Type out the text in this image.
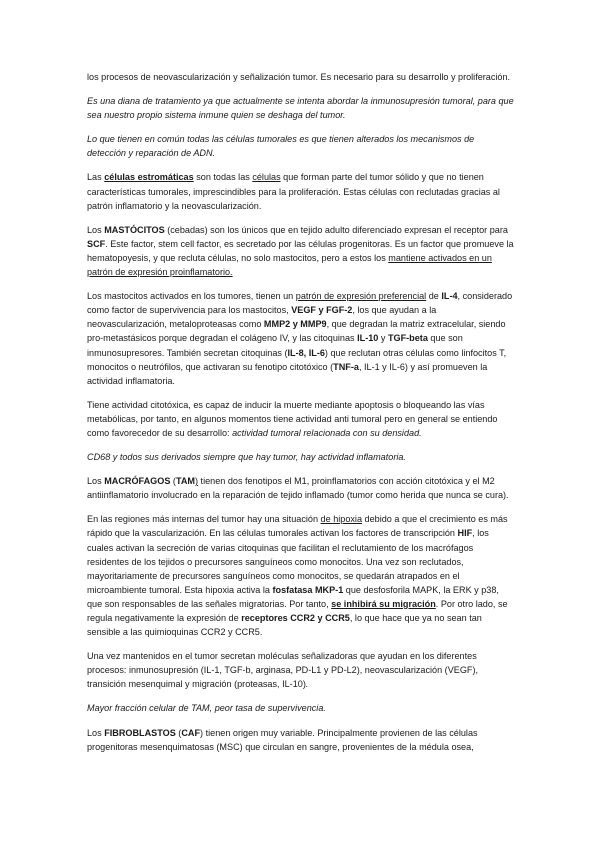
los procesos de neovascularización y señalización tumor. Es necesario para su desarrollo y proliferación.

Es una diana de tratamiento ya que actualmente se intenta abordar la inmunosupresión tumoral, para que sea nuestro propio sistema inmune quien se deshaga del tumor.

Lo que tienen en común todas las células tumorales es que tienen alterados los mecanismos de detección y reparación de ADN.

Las células estromáticas son todas las células que forman parte del tumor sólido y que no tienen características tumorales, imprescindibles para la proliferación. Estas células con reclutadas gracias al patrón inflamatorio y la neovascularización.

Los MASTÓCITOS (cebadas) son los únicos que en tejido adulto diferenciado expresan el receptor para SCF. Este factor, stem cell factor, es secretado por las células progenitoras. Es un factor que promueve la hematopoyesis, y que recluta células, no solo mastocitos, pero a estos los mantiene activados en un patrón de expresión proinflamatorio.

Los mastocitos activados en los tumores, tienen un patrón de expresión preferencial de IL-4, considerado como factor de supervivencia para los mastocitos, VEGF y FGF-2, los que ayudan a la neovascularización, metaloproteasas como MMP2 y MMP9, que degradan la matriz extracelular, siendo pro-metastásicos porque degradan el colágeno IV, y las citoquinas IL-10 y TGF-beta que son inmunosupresores. También secretan citoquinas (IL-8, IL-6) que reclutan otras células como linfocitos T, monocitos o neutrófilos, que activaran su fenotipo citotóxico (TNF-a, IL-1 y IL-6) y así promueven la actividad inflamatoria.

Tiene actividad citotóxica, es capaz de inducir la muerte mediante apoptosis o bloqueando las vías metabólicas, por tanto, en algunos momentos tiene actividad anti tumoral pero en general se entiendo como favorecedor de su desarrollo: actividad tumoral relacionada con su densidad.

CD68 y todos sus derivados siempre que hay tumor, hay actividad inflamatoria.

Los MACRÓFAGOS (TAM) tienen dos fenotipos el M1, proinflamatorios con acción citotóxica y el M2 antiinflamatorio involucrado en la reparación de tejido inflamado (tumor como herida que nunca se cura).

En las regiones más internas del tumor hay una situación de hipoxia debido a que el crecimiento es más rápido que la vascularización. En las células tumorales activan los factores de transcripción HIF, los cuales activan la secreción de varias citoquinas que facilitan el reclutamiento de los macrófagos residentes de los tejidos o precursores sanguíneos como monocitos. Una vez son reclutados, mayoritariamente de precursores sanguíneos como monocitos, se quedarán atrapados en el microambiente tumoral. Esta hipoxia activa la fosfatasa MKP-1 que desfosforila MAPK, la ERK y p38, que son responsables de las señales migratorias. Por tanto, se inhibirá su migración. Por otro lado, se regula negativamente la expresión de receptores CCR2 y CCR5, lo que hace que ya no sean tan sensible a las quimioquinas CCR2 y CCR5.

Una vez mantenidos en el tumor secretan moléculas señalizadoras que ayudan en los diferentes procesos: inmunosupresión (IL-1, TGF-b, arginasa, PD-L1 y PD-L2), neovascularización (VEGF), transición mesenquimal y migración (proteasas, IL-10).

Mayor fracción celular de TAM, peor tasa de supervivencia.

Los FIBROBLASTOS (CAF) tienen origen muy variable. Principalmente provienen de las células progenitoras mesenquimatosas (MSC) que circulan en sangre, provenientes de la médula osea,
